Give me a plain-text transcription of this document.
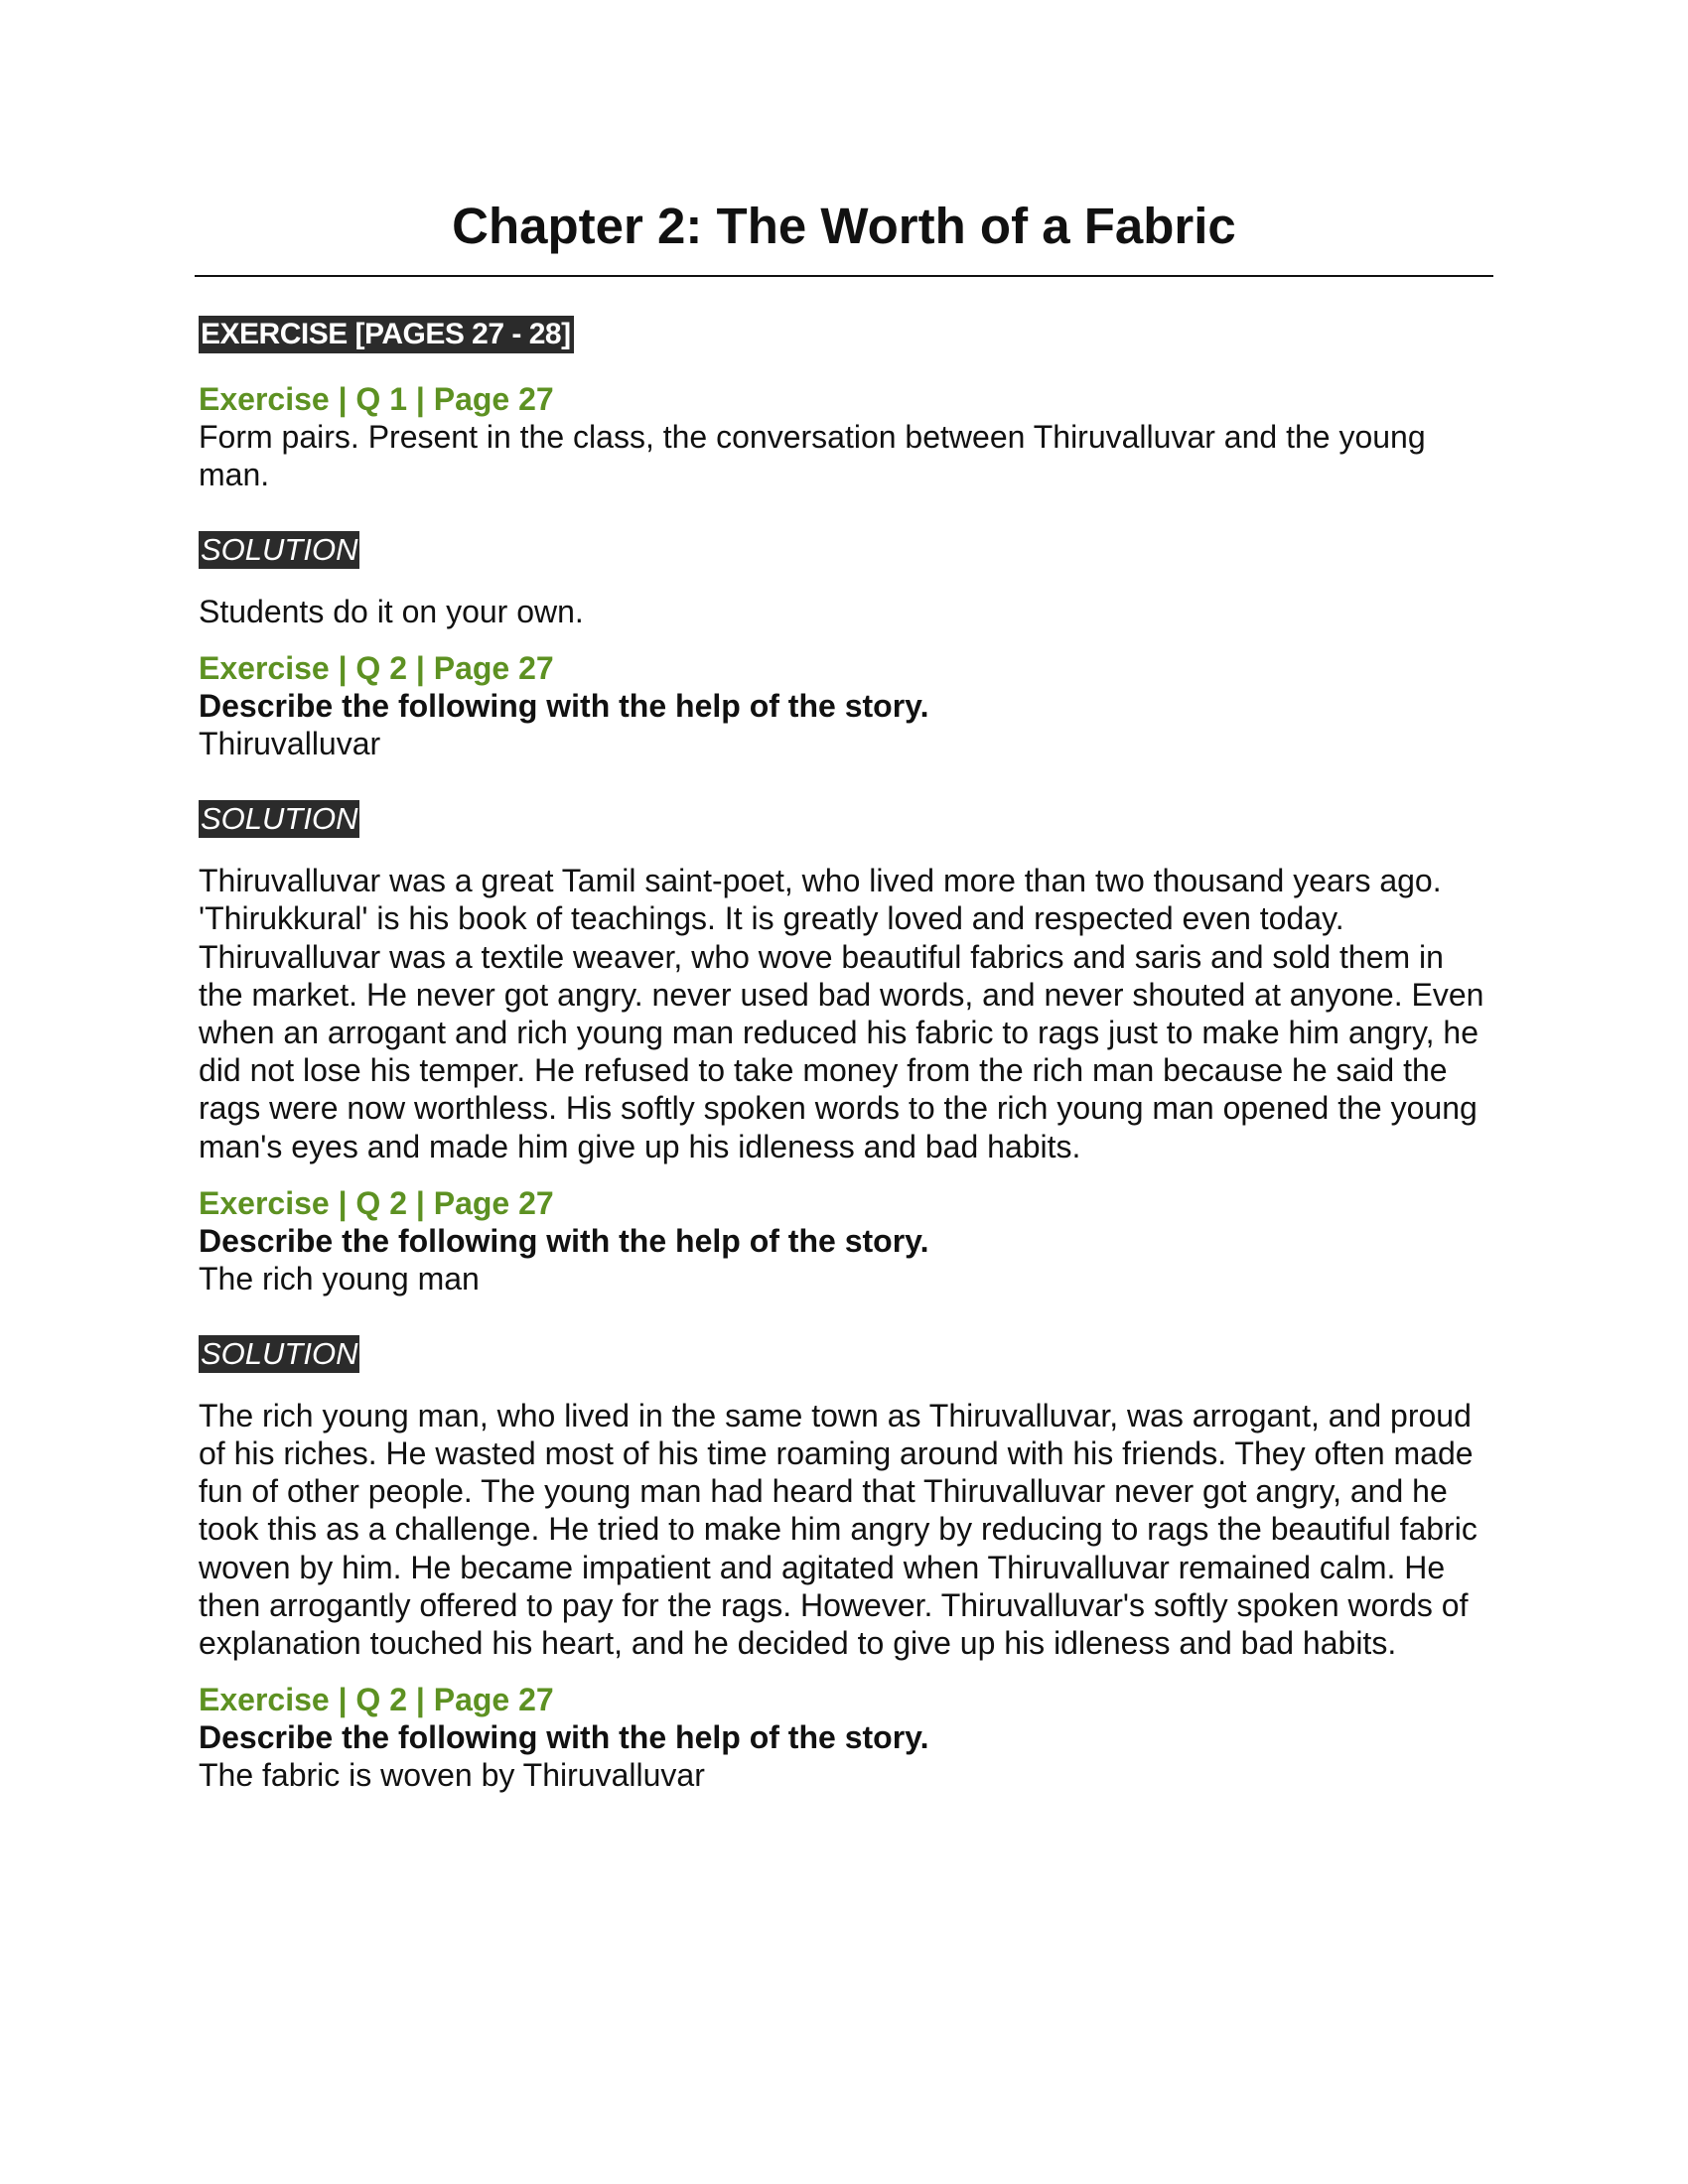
Chapter 2: The Worth of a Fabric
EXERCISE [PAGES 27 - 28]

Exercise | Q 1 | Page 27

Form pairs. Present in the class, the conversation between Thiruvalluvar and the young man.

SOLUTION

Students do it on your own.

Exercise | Q 2 | Page 27

Describe the following with the help of the story.

Thiruvalluvar

SOLUTION

Thiruvalluvar was a great Tamil saint-poet, who lived more than two thousand years ago. 'Thirukkural' is his book of teachings. It is greatly loved and respected even today. Thiruvalluvar was a textile weaver, who wove beautiful fabrics and saris and sold them in the market. He never got angry. never used bad words, and never shouted at anyone. Even when an arrogant and rich young man reduced his fabric to rags just to make him angry, he did not lose his temper. He refused to take money from the rich man because he said the rags were now worthless. His softly spoken words to the rich young man opened the young man's eyes and made him give up his idleness and bad habits.

Exercise | Q 2 | Page 27

Describe the following with the help of the story.

The rich young man

SOLUTION

The rich young man, who lived in the same town as Thiruvalluvar, was arrogant, and proud of his riches. He wasted most of his time roaming around with his friends. They often made fun of other people. The young man had heard that Thiruvalluvar never got angry, and he took this as a challenge. He tried to make him angry by reducing to rags the beautiful fabric woven by him. He became impatient and agitated when Thiruvalluvar remained calm. He then arrogantly offered to pay for the rags. However. Thiruvalluvar's softly spoken words of explanation touched his heart, and he decided to give up his idleness and bad habits.

Exercise | Q 2 | Page 27

Describe the following with the help of the story.

The fabric is woven by Thiruvalluvar
